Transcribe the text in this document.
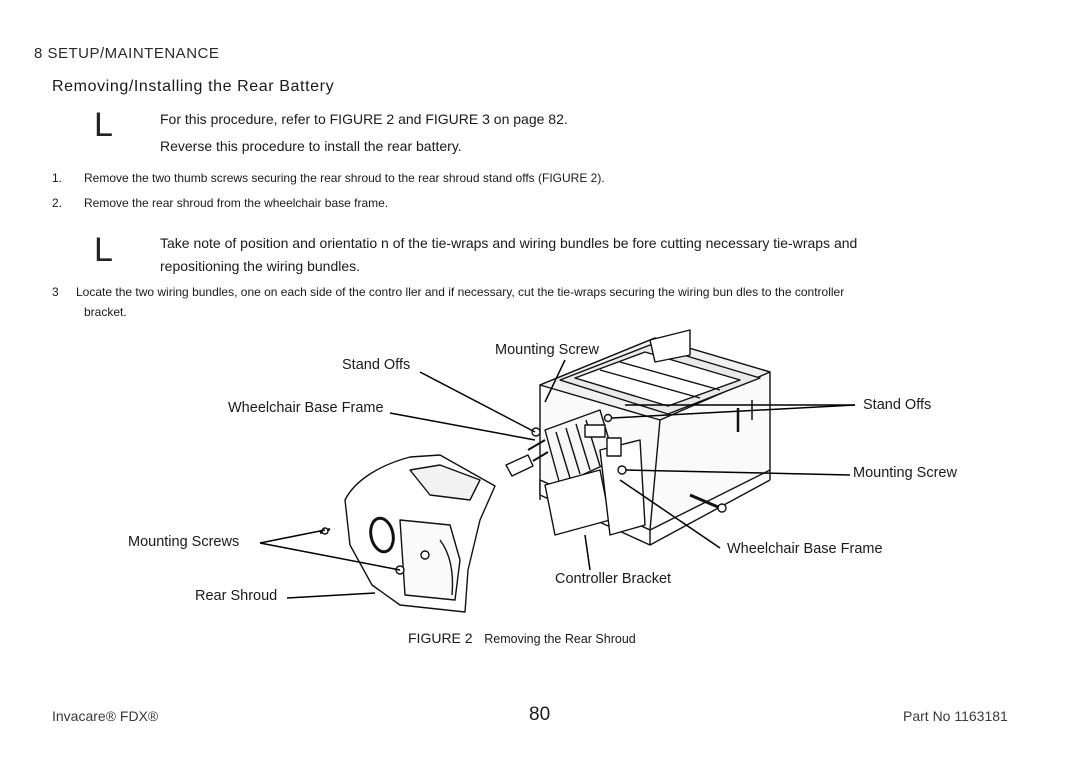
8 SETUP/MAINTENANCE
Removing/Installing the Rear Battery
L	For this procedure, refer to FIGURE 2 and FIGURE 3 on page 82.
Reverse this procedure to install the rear battery.
1. Remove the two thumb screws securing the rear shroud to the rear shroud stand offs (FIGURE 2).
2. Remove the rear shroud from the wheelchair base frame.
L	Take note of position and orientatio n of the tie-wraps and wiring bundles be fore cutting necessary tie-wraps and
repositioning the wiring bundles.
3 Locate the two wiring bundles, one on each side of the contro ller and if necessary, cut the tie-wraps securing the wiring bun dles to the controller
bracket.
Mounting Screw
Stand Offs
Wheelchair Base Frame	Stand Offs
Mounting Screw
Mounting Screws	Wheelchair Base Frame
Controller Bracket
Rear Shroud
FIGURE 2 Removing the Rear Shroud
Invacare® FDX®	80	Part No 1163181
